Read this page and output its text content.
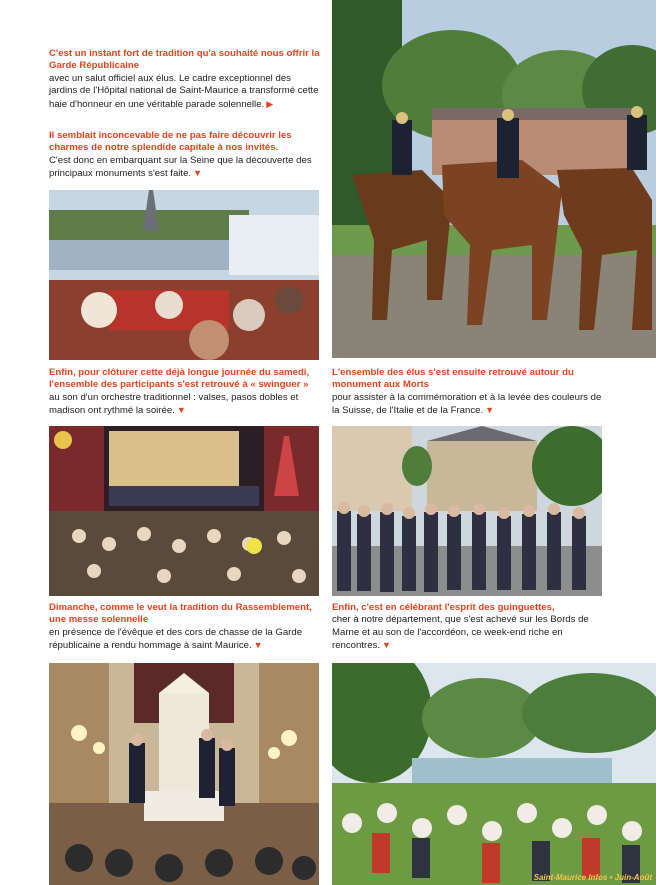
C'est un instant fort de tradition qu'a souhaité nous offrir la Garde Républicaine
avec un salut officiel aux élus. Le cadre exceptionnel des jardins de l'Hôpital national de Saint-Maurice a transformé cette haie d'honneur en une véritable parade solennelle. ▶
Il semblait inconcevable de ne pas faire découvrir les charmes de notre splendide capitale à nos invités.
C'est donc en embarquant sur la Seine que la découverte des principaux monuments s'est faite. ▼
Enfin, pour clôturer cette déjà longue journée du samedi, l'ensemble des participants s'est retrouvé à « swinguer »
au son d'un orchestre traditionnel : valses, pasos dobles et madison ont rythmé la soirée. ▼
L'ensemble des élus s'est ensuite retrouvé autour du monument aux Morts
pour assister à la commémoration et à la levée des couleurs de la Suisse, de l'Italie et de la France. ▼
Dimanche, comme le veut la tradition du Rassemblement, une messe solennelle
en présence de l'évêque et des cors de chasse de la Garde républicaine a rendu hommage à saint Maurice. ▼
Enfin, c'est en célébrant l'esprit des guinguettes,
cher à notre département, que s'est achevé sur les Bords de Marne et au son de l'accordéon, ce week-end riche en rencontres. ▼
Saint-Maurice Infos • Juin-Août
